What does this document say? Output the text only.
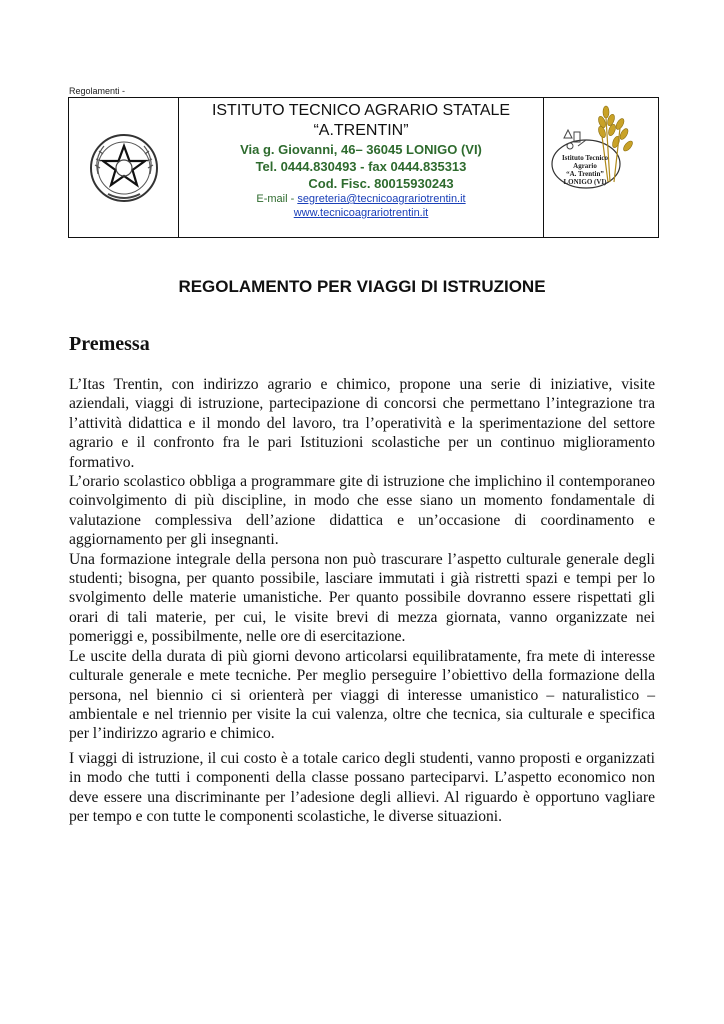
Regolamenti -
ISTITUTO TECNICO AGRARIO STATALE
“A.TRENTIN”
Via g. Giovanni, 46– 36045 LONIGO (VI)
Tel. 0444.830493 - fax 0444.835313
Cod. Fisc. 80015930243
E-mail - segreteria@tecnicoagrariotrentin.it
www.tecnicoagrariotrentin.it
Istituto Tecnico Agrario
“A. Trentin”
LONIGO (VI)
REGOLAMENTO PER VIAGGI DI ISTRUZIONE
Premessa

L’Itas Trentin, con indirizzo agrario e chimico, propone una serie di iniziative, visite aziendali, viaggi di istruzione, partecipazione di concorsi che permettano l’integrazione tra l’attività didattica e il mondo del lavoro, tra l’operatività e la sperimentazione del settore agrario e il confronto fra le pari Istituzioni scolastiche per un continuo miglioramento formativo.

L’orario scolastico obbliga a programmare gite di istruzione che implichino il contemporaneo coinvolgimento di più discipline, in modo che esse siano un momento fondamentale di valutazione complessiva dell’azione didattica e un’occasione di coordinamento e aggiornamento per gli insegnanti.

Una formazione integrale della persona non può trascurare l’aspetto culturale generale degli studenti; bisogna, per quanto possibile, lasciare immutati i già ristretti spazi e tempi per lo svolgimento delle materie umanistiche. Per quanto possibile dovranno essere rispettati gli orari di tali materie, per cui, le visite brevi di mezza giornata, vanno organizzate nei pomeriggi e, possibilmente, nelle ore di esercitazione.

Le uscite della durata di più giorni devono articolarsi equilibratamente, fra mete di interesse culturale generale e mete tecniche. Per meglio perseguire l’obiettivo della formazione della persona, nel biennio ci si orienterà per viaggi di interesse umanistico – naturalistico – ambientale e nel triennio per visite la cui valenza, oltre che tecnica, sia culturale e specifica per l’indirizzo agrario e chimico.

I viaggi di istruzione, il cui costo è a totale carico degli studenti, vanno proposti e organizzati in modo che tutti i componenti della classe possano parteciparvi. L’aspetto economico non deve essere una discriminante per l’adesione degli allievi. Al riguardo è opportuno vagliare per tempo e con tutte le componenti scolastiche, le diverse situazioni.
